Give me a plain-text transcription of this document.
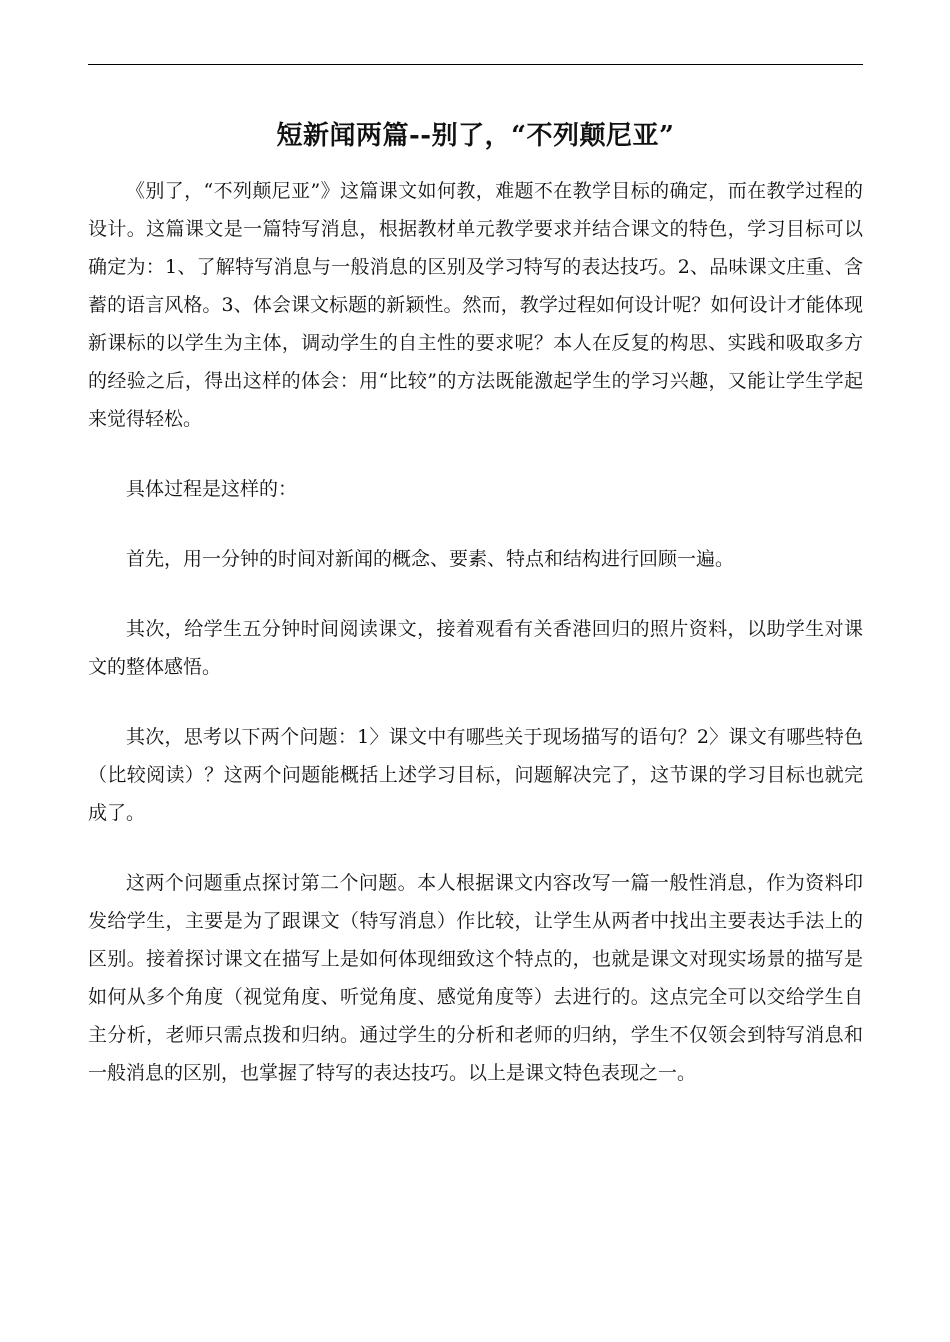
短新闻两篇--别了，“不列颠尼亚”

《别了，“不列颠尼亚”》这篇课文如何教，难题不在教学目标的确定，而在教学过程的设计。这篇课文是一篇特写消息，根据教材单元教学要求并结合课文的特色，学习目标可以确定为：1、了解特写消息与一般消息的区别及学习特写的表达技巧。2、品味课文庄重、含蓄的语言风格。3、体会课文标题的新颖性。然而，教学过程如何设计呢？如何设计才能体现新课标的以学生为主体，调动学生的自主性的要求呢？本人在反复的构思、实践和吸取多方的经验之后，得出这样的体会：用“比较”的方法既能激起学生的学习兴趣，又能让学生学起来觉得轻松。

具体过程是这样的：

首先，用一分钟的时间对新闻的概念、要素、特点和结构进行回顾一遍。

其次，给学生五分钟时间阅读课文，接着观看有关香港回归的照片资料，以助学生对课文的整体感悟。

其次，思考以下两个问题：1〉课文中有哪些关于现场描写的语句？2〉课文有哪些特色（比较阅读）？这两个问题能概括上述学习目标，问题解决完了，这节课的学习目标也就完成了。

这两个问题重点探讨第二个问题。本人根据课文内容改写一篇一般性消息，作为资料印发给学生，主要是为了跟课文（特写消息）作比较，让学生从两者中找出主要表达手法上的区别。接着探讨课文在描写上是如何体现细致这个特点的，也就是课文对现实场景的描写是如何从多个角度（视觉角度、听觉角度、感觉角度等）去进行的。这点完全可以交给学生自主分析，老师只需点拨和归纳。通过学生的分析和老师的归纳，学生不仅领会到特写消息和一般消息的区别，也掌握了特写的表达技巧。以上是课文特色表现之一。
